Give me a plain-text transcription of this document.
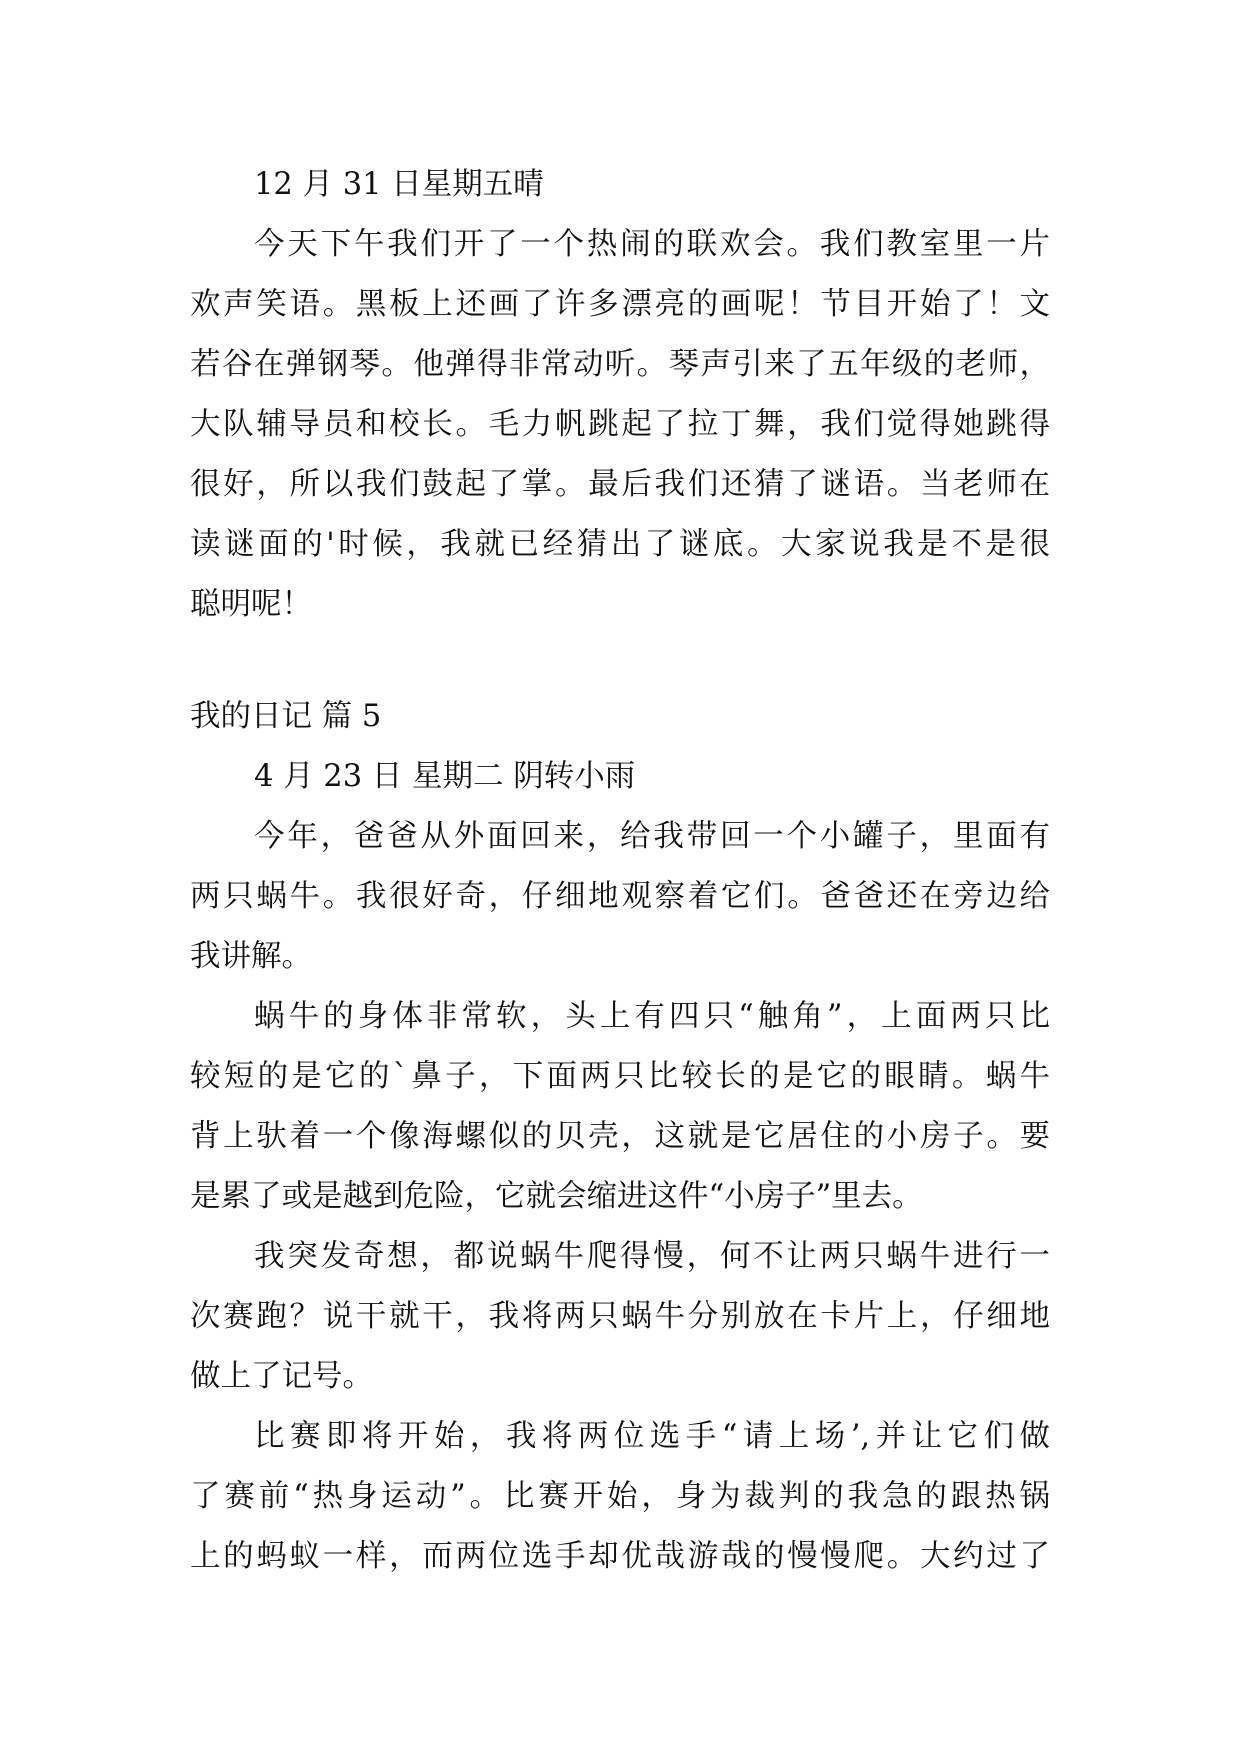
12 月 31 日星期五晴
今天下午我们开了一个热闹的联欢会。我们教室里一片
欢声笑语。黑板上还画了许多漂亮的画呢！节目开始了！文
若谷在弹钢琴。他弹得非常动听。琴声引来了五年级的老师，
大队辅导员和校长。毛力帆跳起了拉丁舞，我们觉得她跳得
很好，所以我们鼓起了掌。最后我们还猜了谜语。当老师在
读谜面的'时候，我就已经猜出了谜底。大家说我是不是很
聪明呢！
我的日记 篇 5
4 月 23 日 星期二 阴转小雨
今年，爸爸从外面回来，给我带回一个小罐子，里面有
两只蜗牛。我很好奇，仔细地观察着它们。爸爸还在旁边给
我讲解。
蜗牛的身体非常软，头上有四只“触角”，上面两只比
较短的是它的`鼻子，下面两只比较长的是它的眼睛。蜗牛
背上驮着一个像海螺似的贝壳，这就是它居住的小房子。要
是累了或是越到危险，它就会缩进这件“小房子”里去。
我突发奇想，都说蜗牛爬得慢，何不让两只蜗牛进行一
次赛跑？说干就干，我将两只蜗牛分别放在卡片上，仔细地
做上了记号。
比赛即将开始，我将两位选手“请上场’,并让它们做
了赛前“热身运动”。比赛开始，身为裁判的我急的跟热锅
上的蚂蚁一样，而两位选手却优哉游哉的慢慢爬。大约过了
